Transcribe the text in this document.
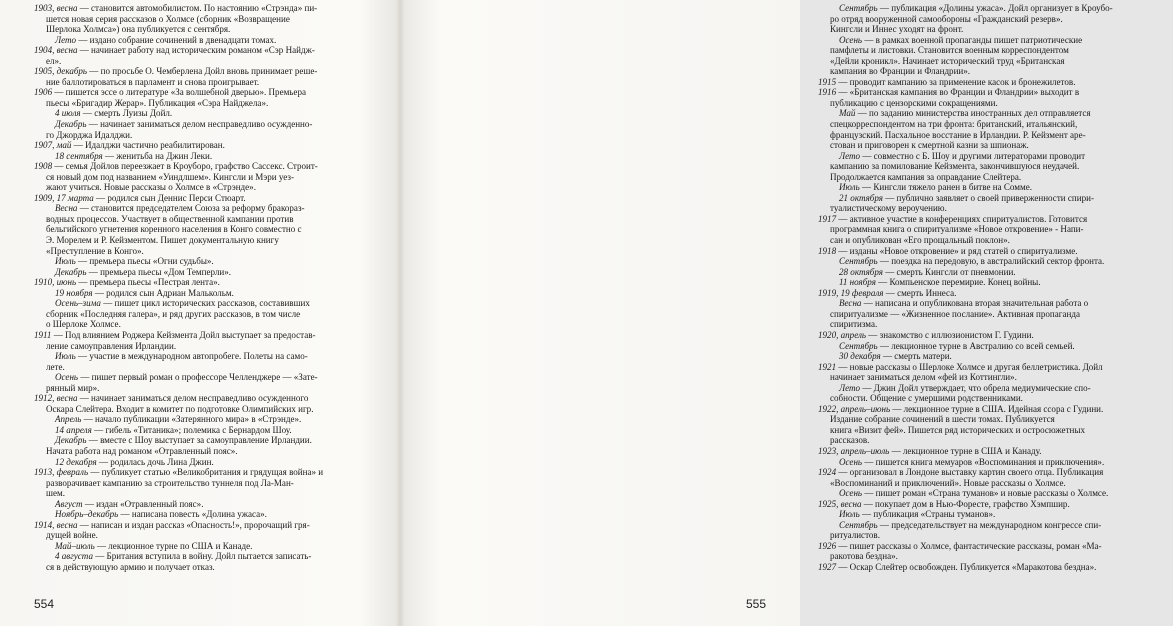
1903, весна — становится автомобилистом. По настоянию «Стрэнда» пи-

шется новая серия рассказов о Холмсе (сборник «Возвращение

Шерлока Холмса») она публикуется с сентября.

Лето — издано собрание сочинений в двенадцати томах.

1904, весна — начинает работу над историческим романом «Сэр Найдж-

ел».

1905, декабрь — по просьбе О. Чемберлена Дойл вновь принимает реше-

ние баллотироваться в парламент и снова проигрывает.

1906 — пишется эссе о литературе «За волшебной дверью». Премьера

пьесы «Бригадир Жерар». Публикация «Сэра Найджела».

4 июля — смерть Луизы Дойл.

Декабрь — начинает заниматься делом несправедливо осужденно-

го Джорджа Идалджи.

1907, май — Идалджи частично реабилитирован.

18 сентября — женитьба на Джин Леки.

1908 — семья Дойлов переезжает в Кроуборо, графство Сассекс. Строит-

ся новый дом под названием «Уиндлшем». Кингсли и Мэри уез-

жают учиться. Новые рассказы о Холмсе в «Стрэнде».

1909, 17 марта — родился сын Деннис Перси Стюарт.

Весна — становится председателем Союза за реформу бракораз-

водных процессов. Участвует в общественной кампании против

бельгийского угнетения коренного населения в Конго совместно с

Э. Морелем и Р. Кейзментом. Пишет документальную книгу

«Преступление в Конго».

Июль — премьера пьесы «Огни судьбы».

Декабрь — премьера пьесы «Дом Темперли».

1910, июнь — премьера пьесы «Пестрая лента».

19 ноября — родился сын Адриан Малькольм.

Осень–зима — пишет цикл исторических рассказов, составивших

сборник «Последняя галера», и ряд других рассказов, в том числе

о Шерлоке Холмсе.

1911 — Под влиянием Роджера Кейзмента Дойл выступает за предостав-

ление самоуправления Ирландии.

Июль — участие в международном автопробеге. Полеты на само-

лете.

Осень — пишет первый роман о профессоре Челленджере — «Зате-

рянный мир».

1912, весна — начинает заниматься делом несправедливо осужденного

Оскара Слейтера. Входит в комитет по подготовке Олимпийских игр.

Апрель — начало публикации «Затерянного мира» в «Стрэнде».

14 апреля — гибель «Титаника»; полемика с Бернардом Шоу.

Декабрь — вместе с Шоу выступает за самоуправление Ирландии.

Начата работа над романом «Отравленный пояс».

12 декабря — родилась дочь Лина Джин.

1913, февраль — публикует статью «Великобритания и грядущая война» и

разворачивает кампанию за строительство туннеля под Ла-Ман-

шем.

Август — издан «Отравленный пояс».

Ноябрь–декабрь — написана повесть «Долина ужаса».

1914, весна — написан и издан рассказ «Опасность!», пророчащий гря-

дущей войне.

Май–июль — лекционное турне по США и Канаде.

4 августа — Британия вступила в войну. Дойл пытается записать-

ся в действующую армию и получает отказ.

554

Сентябрь — публикация «Долины ужаса». Дойл организует в Кроубо-

ро отряд вооруженной самообороны «Гражданский резерв».

Кингсли и Иннес уходят на фронт.

Осень — в рамках военной пропаганды пишет патриотические

памфлеты и листовки. Становится военным корреспондентом

«Дейли кроникл». Начинает исторический труд «Британская

кампания во Франции и Фландрии».

1915 — проводит кампанию за применение касок и бронежилетов.

1916 — «Британская кампания во Франции и Фландрии» выходит в

публикацию с цензорскими сокращениями.

Май — по заданию министерства иностранных дел отправляется

спецкорреспондентом на три фронта: британский, итальянский,

французский. Пасхальное восстание в Ирландии. Р. Кейзмент аре-

стован и приговорен к смертной казни за шпионаж.

Лето — совместно с Б. Шоу и другими литераторами проводит

кампанию за помилование Кейзмента, закончившуюся неудачей.

Продолжается кампания за оправдание Слейтера.

Июль — Кингсли тяжело ранен в битве на Сомме.

21 октября — публично заявляет о своей приверженности спири-

туалистическому вероучению.

1917 — активное участие в конференциях спиритуалистов. Готовится

программная книга о спиритуализме «Новое откровение» - Напи-

сан и опубликован «Его прощальный поклон».

1918 — изданы «Новое откровение» и ряд статей о спиритуализме.

Сентябрь — поездка на передовую, в австралийский сектор фронта.

28 октября — смерть Кингсли от пневмонии.

11 ноября — Компьенское перемирие. Конец войны.

1919, 19 февраля — смерть Иннеса.

Весна — написана и опубликована вторая значительная работа о

спиритуализме — «Жизненное послание». Активная пропаганда

спиритизма.

1920, апрель — знакомство с иллюзионистом Г. Гудини.

Сентябрь — лекционное турне в Австралию со всей семьей.

30 декабря — смерть матери.

1921 — новые рассказы о Шерлоке Холмсе и другая беллетристика. Дойл

начинает заниматься делом «фей из Коттингли».

Лето — Джин Дойл утверждает, что обрела медиумические спо-

собности. Общение с умершими родственниками.

1922, апрель–июнь — лекционное турне в США. Идейная ссора с Гудини.

Издание собрание сочинений в шести томах. Публикуется

книга «Визит фей». Пишется ряд исторических и остросюжетных

рассказов.

1923, апрель–июль — лекционное турне в США и Канаду.

Осень — пишется книга мемуаров «Воспоминания и приключения».

1924 — организовал в Лондоне выставку картин своего отца. Публикация

«Воспоминаний и приключений». Новые рассказы о Холмсе.

Осень — пишет роман «Страна туманов» и новые рассказы о Холмсе.

1925, весна — покупает дом в Нью-Форесте, графство Хэмпшир.

Июль — публикация «Страны туманов».

Сентябрь — председательствует на международном конгрессе спи-

ритуалистов.

1926 — пишет рассказы о Холмсе, фантастические рассказы, роман «Ма-

ракотова бездна».

1927 — Оскар Слейтер освобожден. Публикуется «Маракотова бездна».

555
